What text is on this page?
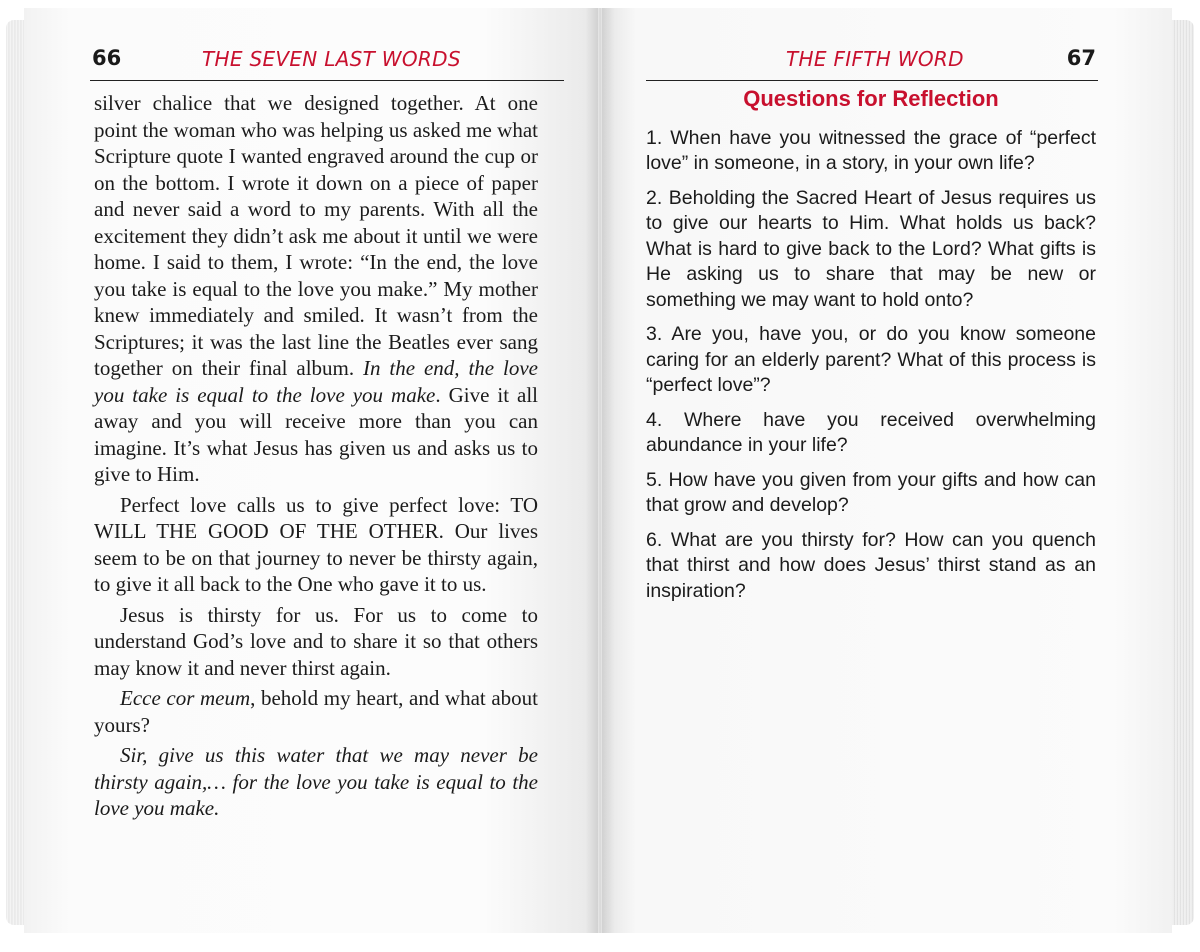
66	THE SEVEN LAST WORDS

silver chalice that we designed together. At one point the woman who was helping us asked me what Scripture quote I wanted engraved around the cup or on the bottom. I wrote it down on a piece of paper and never said a word to my parents. With all the excitement they didn’t ask me about it until we were home. I said to them, I wrote: “In the end, the love you take is equal to the love you make.” My mother knew immediately and smiled. It wasn’t from the Scriptures; it was the last line the Beatles ever sang together on their final album. In the end, the love you take is equal to the love you make. Give it all away and you will receive more than you can imagine. It’s what Jesus has given us and asks us to give to Him.

Perfect love calls us to give perfect love: TO WILL THE GOOD OF THE OTHER. Our lives seem to be on that journey to never be thirsty again, to give it all back to the One who gave it to us.

Jesus is thirsty for us. For us to come to understand God’s love and to share it so that others may know it and never thirst again.

Ecce cor meum, behold my heart, and what about yours?

Sir, give us this water that we may never be thirsty again,… for the love you take is equal to the love you make.

THE FIFTH WORD	67
Questions for Reflection
1. When have you witnessed the grace of “perfect love” in someone, in a story, in your own life?
2. Beholding the Sacred Heart of Jesus requires us to give our hearts to Him. What holds us back? What is hard to give back to the Lord? What gifts is He asking us to share that may be new or something we may want to hold onto?
3. Are you, have you, or do you know someone caring for an elderly parent? What of this process is “perfect love”?
4. Where have you received overwhelming abundance in your life?
5. How have you given from your gifts and how can that grow and develop?
6. What are you thirsty for? How can you quench that thirst and how does Jesus’ thirst stand as an inspiration?
